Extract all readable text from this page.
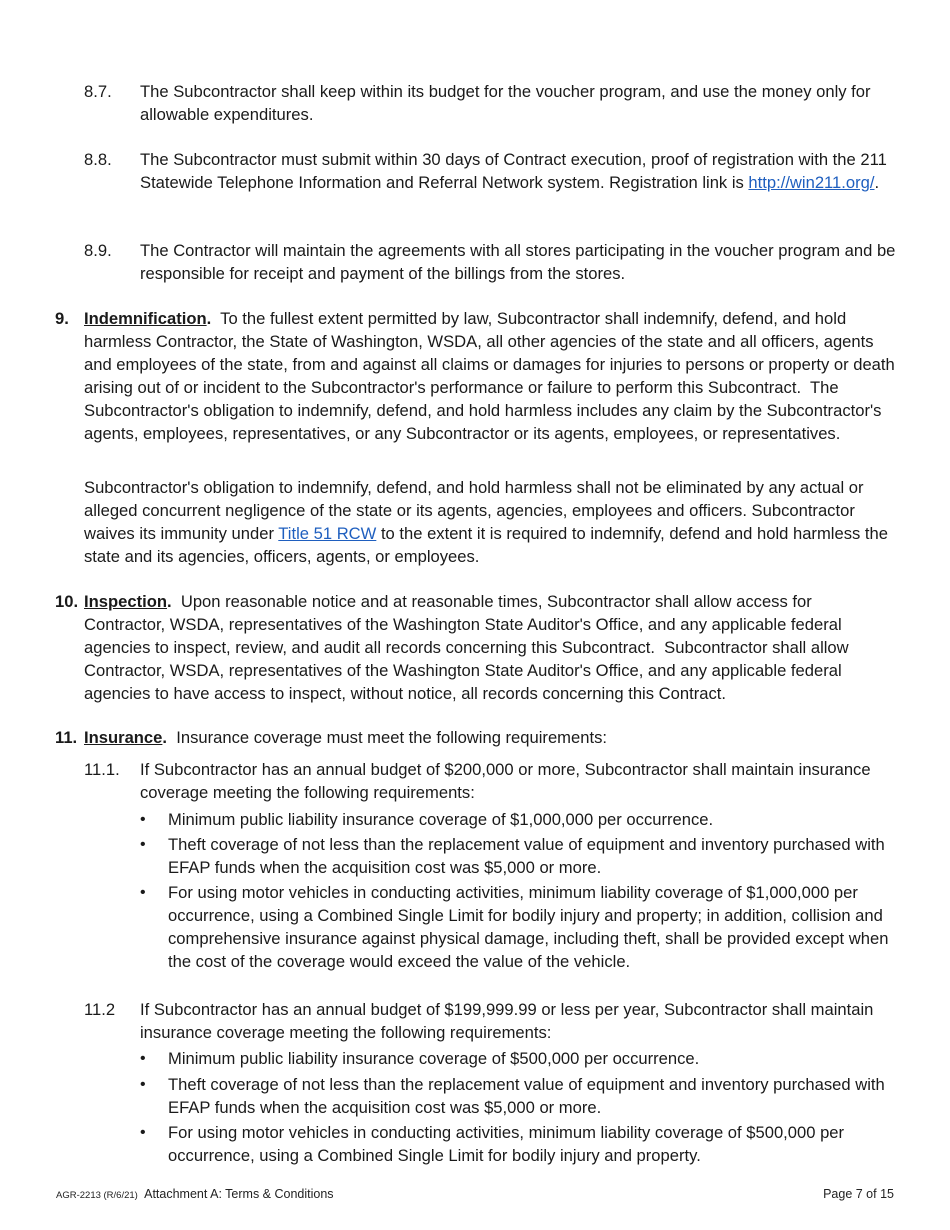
8.7.	The Subcontractor shall keep within its budget for the voucher program, and use the money only for allowable expenditures.
8.8.	The Subcontractor must submit within 30 days of Contract execution, proof of registration with the 211 Statewide Telephone Information and Referral Network system. Registration link is http://win211.org/.
8.9.	The Contractor will maintain the agreements with all stores participating in the voucher program and be responsible for receipt and payment of the billings from the stores.
9. Indemnification.  To the fullest extent permitted by law, Subcontractor shall indemnify, defend, and hold harmless Contractor, the State of Washington, WSDA, all other agencies of the state and all officers, agents and employees of the state, from and against all claims or damages for injuries to persons or property or death arising out of or incident to the Subcontractor's performance or failure to perform this Subcontract.  The Subcontractor's obligation to indemnify, defend, and hold harmless includes any claim by the Subcontractor's agents, employees, representatives, or any Subcontractor or its agents, employees, or representatives.
Subcontractor's obligation to indemnify, defend, and hold harmless shall not be eliminated by any actual or alleged concurrent negligence of the state or its agents, agencies, employees and officers. Subcontractor waives its immunity under Title 51 RCW to the extent it is required to indemnify, defend and hold harmless the state and its agencies, officers, agents, or employees.
10. Inspection.  Upon reasonable notice and at reasonable times, Subcontractor shall allow access for Contractor, WSDA, representatives of the Washington State Auditor's Office, and any applicable federal agencies to inspect, review, and audit all records concerning this Subcontract.  Subcontractor shall allow Contractor, WSDA, representatives of the Washington State Auditor's Office, and any applicable federal agencies to have access to inspect, without notice, all records concerning this Contract.
11. Insurance.  Insurance coverage must meet the following requirements:
11.1.	If Subcontractor has an annual budget of $200,000 or more, Subcontractor shall maintain insurance coverage meeting the following requirements:
•	Minimum public liability insurance coverage of $1,000,000 per occurrence.
•	Theft coverage of not less than the replacement value of equipment and inventory purchased with EFAP funds when the acquisition cost was $5,000 or more.
•	For using motor vehicles in conducting activities, minimum liability coverage of $1,000,000 per occurrence, using a Combined Single Limit for bodily injury and property; in addition, collision and comprehensive insurance against physical damage, including theft, shall be provided except when the cost of the coverage would exceed the value of the vehicle.
11.2	If Subcontractor has an annual budget of $199,999.99 or less per year, Subcontractor shall maintain insurance coverage meeting the following requirements:
•	Minimum public liability insurance coverage of $500,000 per occurrence.
•	Theft coverage of not less than the replacement value of equipment and inventory purchased with EFAP funds when the acquisition cost was $5,000 or more.
•	For using motor vehicles in conducting activities, minimum liability coverage of $500,000 per occurrence, using a Combined Single Limit for bodily injury and property.
AGR-2213 (R/6/21) Attachment A: Terms & Conditions	Page 7 of 15
